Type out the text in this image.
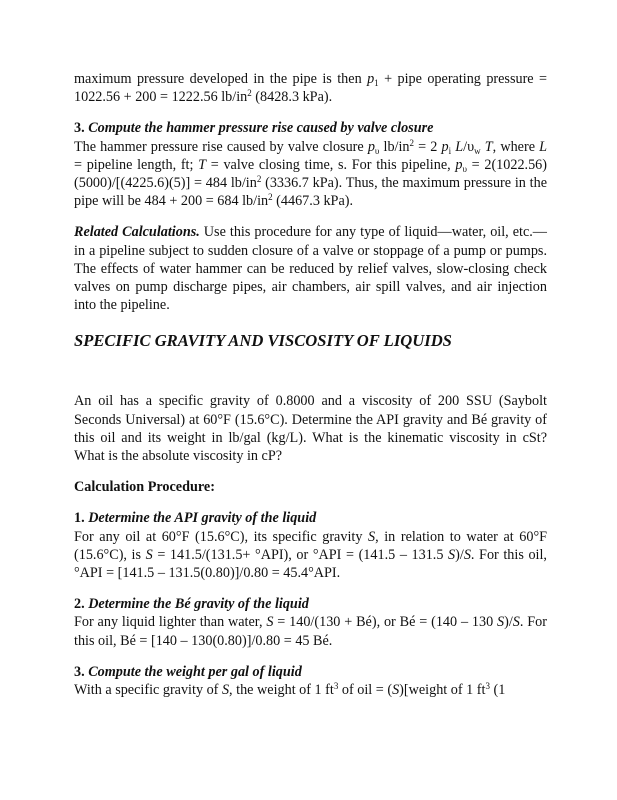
maximum pressure developed in the pipe is then $p_1$ + pipe operating pressure = 1022.56 + 200 = 1222.56 $lb/in^2$ (8428.3 kPa).

3. Compute the hammer pressure rise caused by valve closure

The hammer pressure rise caused by valve closure $p_\upsilon$ $lb/in^2 = 2$ $p_i$ $L/\upsilon_w$ T, where L = pipeline length, ft; T = valve closing time, s. For this pipeline, $p_\upsilon = 2(1022.56)(5000)/[(4225.6)(5)] = 484$ $lb/in^2$ (3336.7 kPa). Thus, the maximum pressure in the pipe will be 484 + 200 = 684 $lb/in^2$ (4467.3 kPa).

Related Calculations. Use this procedure for any type of liquid—water, oil, etc.—in a pipeline subject to sudden closure of a valve or stoppage of a pump or pumps. The effects of water hammer can be reduced by relief valves, slow-closing check valves on pump discharge pipes, air chambers, air spill valves, and air injection into the pipeline.

SPECIFIC GRAVITY AND VISCOSITY OF LIQUIDS

An oil has a specific gravity of 0.8000 and a viscosity of 200 SSU (Saybolt Seconds Universal) at 60°F (15.6°C). Determine the API gravity and Bé gravity of this oil and its weight in lb/gal (kg/L). What is the kinematic viscosity in cSt? What is the absolute viscosity in cP?

Calculation Procedure:

1. Determine the API gravity of the liquid

For any oil at 60°F (15.6°C), its specific gravity S, in relation to water at 60°F (15.6°C), is S = 141.5/(131.5+ °API), or °API = (141.5 – 131.5 S)/S. For this oil, °API = [141.5 – 131.5(0.80)]/0.80 = 45.4°API.

2. Determine the Bé gravity of the liquid

For any liquid lighter than water, S = 140/(130 + Bé), or Bé = (140 – 130 S)/S. For this oil, Bé = [140 – 130(0.80)]/0.80 = 45 Bé.

3. Compute the weight per gal of liquid

With a specific gravity of S, the weight of 1 $ft^3$ of oil = (S)[weight of 1 $ft^3$ (1
